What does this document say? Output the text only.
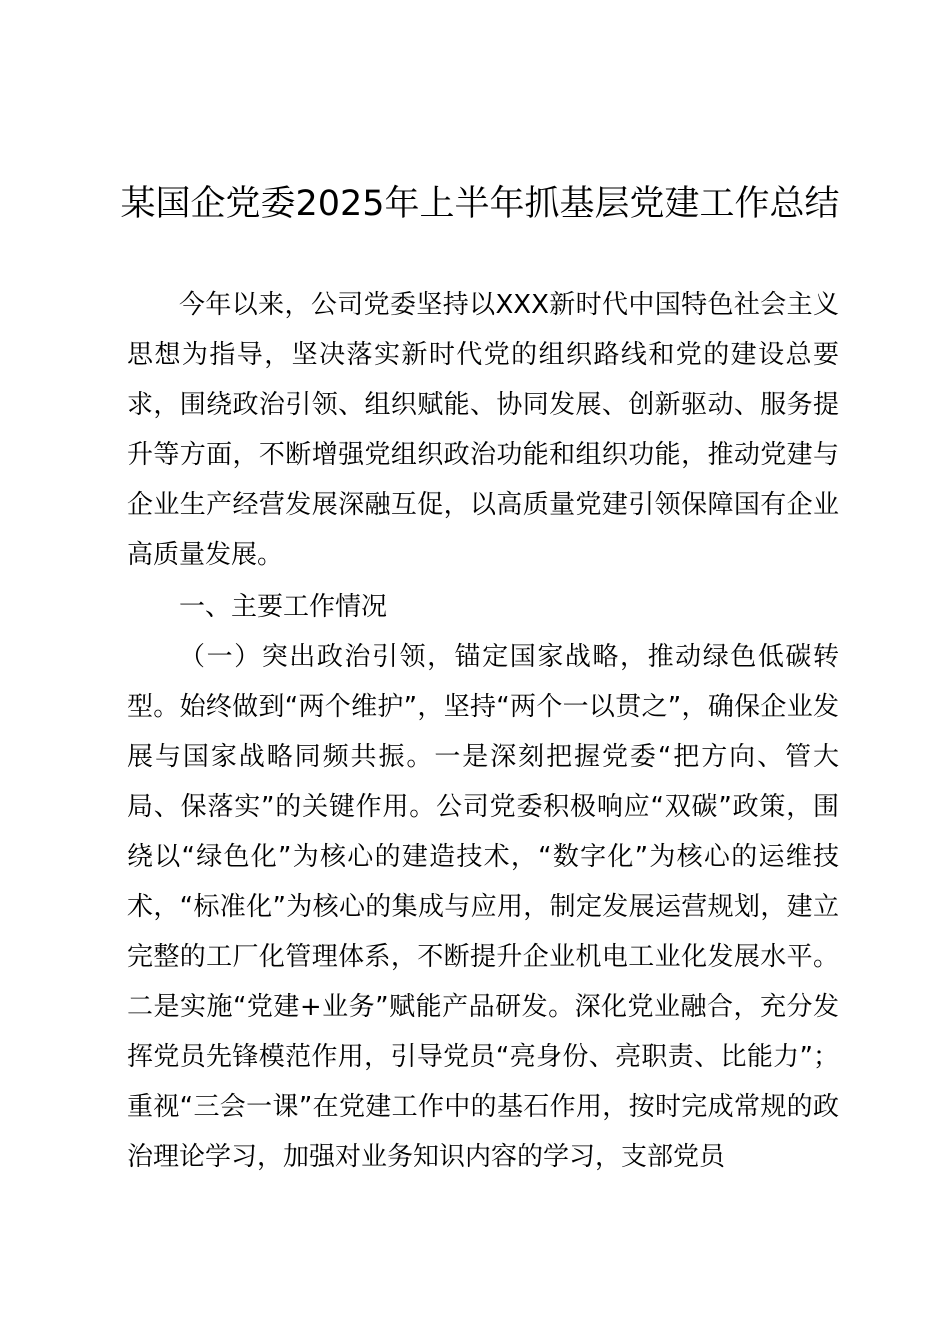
某国企党委2025年上半年抓基层党建工作总结

今年以来，公司党委坚持以XXX新时代中国特色社会主义思想为指导，坚决落实新时代党的组织路线和党的建设总要求，围绕政治引领、组织赋能、协同发展、创新驱动、服务提升等方面，不断增强党组织政治功能和组织功能，推动党建与企业生产经营发展深融互促，以高质量党建引领保障国有企业高质量发展。

一、主要工作情况

（一）突出政治引领，锚定国家战略，推动绿色低碳转型。始终做到“两个维护”，坚持“两个一以贯之”，确保企业发展与国家战略同频共振。一是深刻把握党委“把方向、管大局、保落实”的关键作用。公司党委积极响应“双碳”政策，围绕以“绿色化”为核心的建造技术，“数字化”为核心的运维技术，“标准化”为核心的集成与应用，制定发展运营规划，建立完整的工厂化管理体系，不断提升企业机电工业化发展水平。二是实施“党建+业务”赋能产品研发。深化党业融合，充分发挥党员先锋模范作用，引导党员“亮身份、亮职责、比能力”；重视“三会一课”在党建工作中的基石作用，按时完成常规的政治理论学习，加强对业务知识内容的学习，支部党员
